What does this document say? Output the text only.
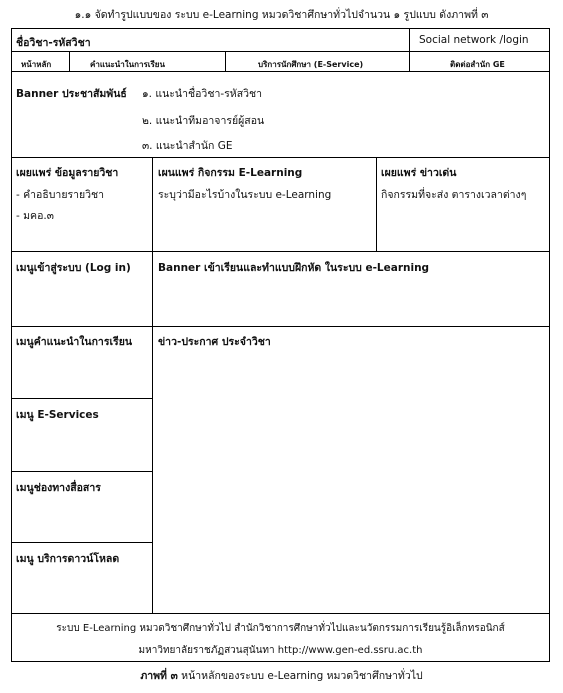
๑.๑ จัดทำรูปแบบของ ระบบ e-Learning หมวดวิชาศึกษาทั่วไปจำนวน ๑ รูปแบบ ดังภาพที่ ๓
ชื่อวิชา-รหัสวิชา	Social network /login
หน้าหลัก	คำแนะนำในการเรียน	บริการนักศึกษา (E-Service)	ติดต่อสำนัก GE
Banner ประชาสัมพันธ์ ๑. แนะนำชื่อวิชา-รหัสวิชา
๒. แนะนำทีมอาจารย์ผู้สอน
๓. แนะนำสำนัก GE
เผยแพร่ ข้อมูลรายวิชา
- คำอธิบายรายวิชา
- มคอ.๓
เผนแพร่ กิจกรรม E-Learning
ระบุว่ามีอะไรบ้างในระบบ e-Learning
เผยแพร่ ข่าวเด่น
กิจกรรมที่จะส่ง ตารางเวลาต่างๆ
เมนูเข้าสู่ระบบ (Log in)
เมนูคำแนะนำในการเรียน
เมนู E-Services
เมนูช่องทางสื่อสาร
เมนู บริการดาวน์โหลด
Banner เข้าเรียนและทำแบบฝึกหัด ในระบบ e-Learning
ข่าว-ประกาศ ประจำวิชา
ระบบ E-Learning หมวดวิชาศึกษาทั่วไป สำนักวิชาการศึกษาทั่วไปและนวัตกรรมการเรียนรู้อิเล็กทรอนิกส์
มหาวิทยาลัยราชภัฏสวนสุนันทา http://www.gen-ed.ssru.ac.th
ภาพที่ ๓ หน้าหลักของระบบ e-Learning หมวดวิชาศึกษาทั่วไป
